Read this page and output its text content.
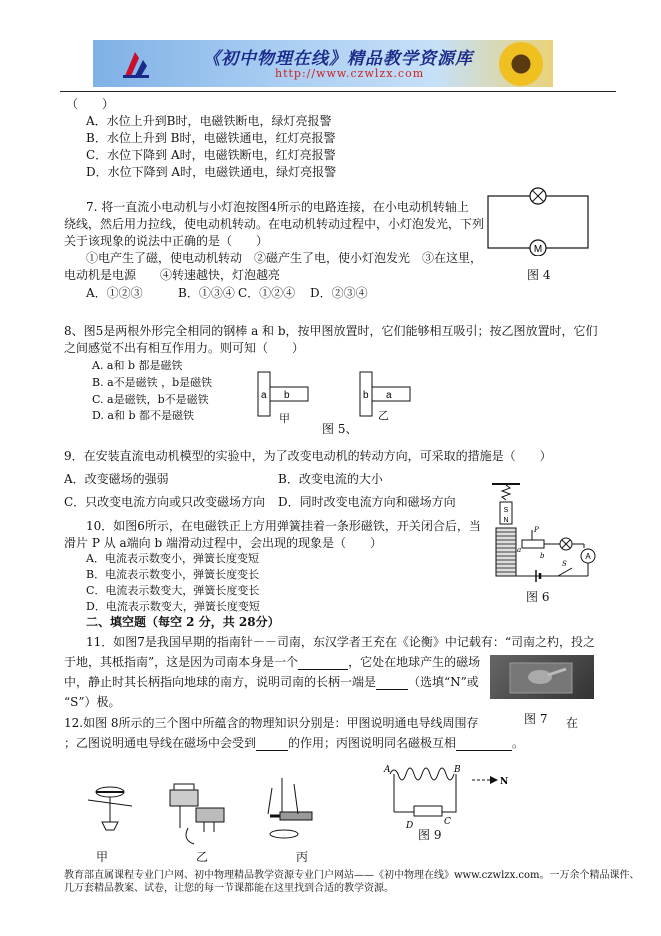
《初中物理在线》精品教学资源库
http://www.czwlzx.com
（　　）
A．水位上升到B时，电磁铁断电，绿灯亮报警
B．水位上升到 B时，电磁铁通电，红灯亮报警
C．水位下降到 A时，电磁铁断电，红灯亮报警
D．水位下降到 A时，电磁铁通电，绿灯亮报警
7. 将一直流小电动机与小灯泡按图4所示的电路连接，在小电动机转轴上
绕线，然后用力拉线，使电动机转动。在电动机转动过程中，小灯泡发光，下列
关于该现象的说法中正确的是（　　）
①电产生了磁，使电动机转动　②磁产生了电，使小灯泡发光　③在这里，
电动机是电源　　④转速越快，灯泡越亮
A．①②③	B．①③④ C．①②④ D．②③④
M
图 4
8、图5是两根外形完全相同的钢棒 a 和 b，按甲图放置时，它们能够相互吸引；按乙图放置时，它们
之间感觉不出有相互作用力。则可知（　　）
A. a和 b 都是磁铁
B. a不是磁铁 ，b是磁铁
C. a是磁铁，b不是磁铁
D. a和 b 都不是磁铁
a b	b a
甲	乙
图 5、
9．在安装直流电动机模型的实验中，为了改变电动机的转动方向，可采取的措施是（　　）
A．改变磁场的强弱	B．改变电流的大小
C．只改变电流方向或只改变磁场方向 D．同时改变电流方向和磁场方向
10．如图6所示，在电磁铁正上方用弹簧挂着一条形磁铁，开关闭合后，当
滑片 P 从 a端向 b 端滑动过程中，会出现的现象是（　　）
A．电流表示数变小，弹簧长度变短
B．电流表示数变小，弹簧长度变长
C．电流表示数变大，弹簧长度变长
D．电流表示数变大，弹簧长度变短
S
N
P
a
b	A
S
图 6
二、填空题（每空 2 分，共 28分）
11．如图7是我国早期的指南针－－司南，东汉学者王充在《论衡》中记载有：“司南之杓，投之
于地，其柢指南”，这是因为司南本身是一个	，它处在地球产生的磁场
中，静止时其长柄指向地球的南方，说明司南的长柄一端是	（选填“N”或
“S”）极。
图 7
12.如图 8所示的三个图中所蕴含的物理知识分别是：甲图说明通电导线周围存	在
；乙图说明通电导线在磁场中会受到	的作用；丙图说明同名磁极互相	。
甲	乙	丙
A	B
N
D	C
图 9
教育部直属课程专业门户网、初中物理精品教学资源专业门户网站——《初中物理在线》www.czwlzx.com。一万余个精品课件、
几万套精品教案、试卷，让您的每一节课都能在这里找到合适的教学资源。
